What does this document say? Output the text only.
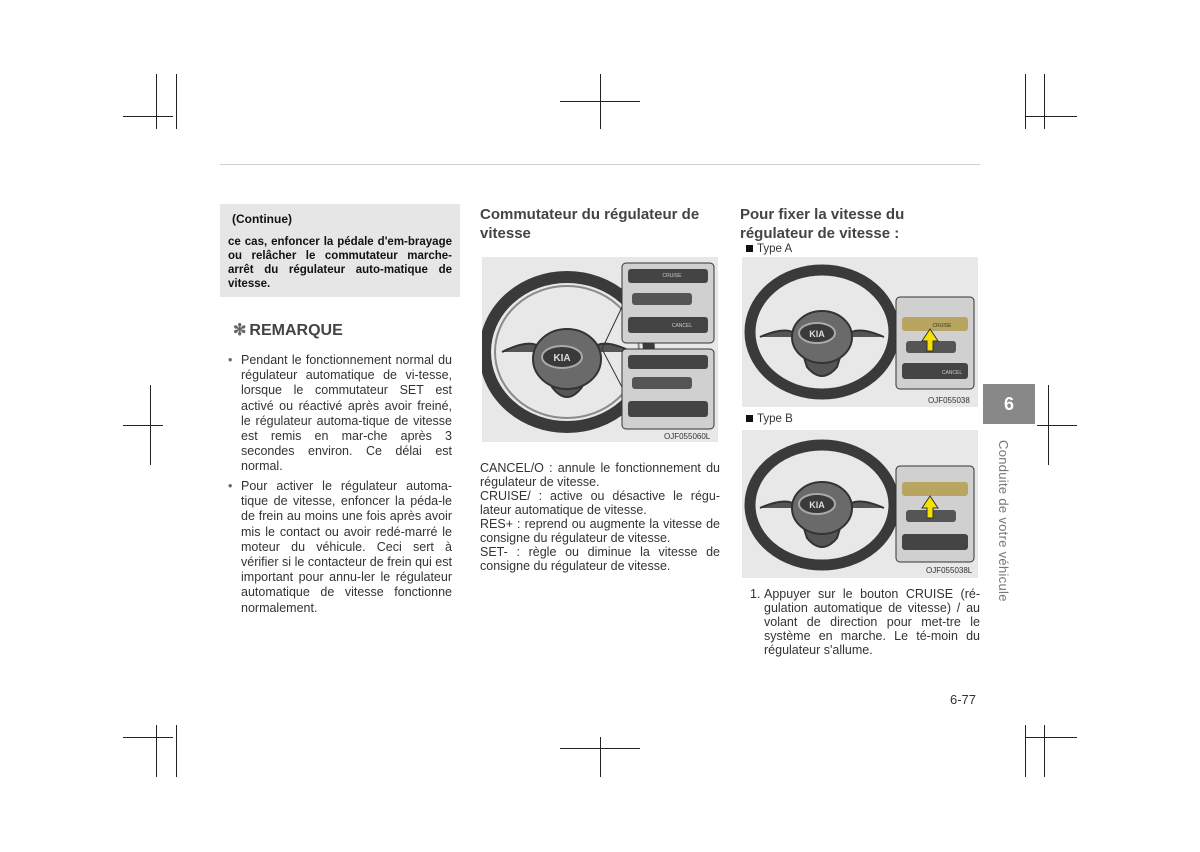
(Continue)
ce cas, enfoncer la pédale d'em-brayage ou relâcher le commutateur marche-arrêt du régulateur auto-matique de vitesse.
✻ REMARQUE
• Pendant le fonctionnement normal du régulateur automatique de vi-tesse, lorsque le commutateur SET est activé ou réactivé après avoir freiné, le régulateur automa-tique de vitesse est remis en mar-che après 3 secondes environ. Ce délai est normal.
• Pour activer le régulateur automa-tique de vitesse, enfoncer la péda-le de frein au moins une fois après avoir mis le contact ou avoir redé-marré le moteur du véhicule. Ceci sert à vérifier si le contacteur de frein qui est important pour annu-ler le régulateur automatique de vitesse fonctionne normalement.
Commutateur du régulateur de vitesse
KIA
CRUISE
CANCEL
OJF055060L

CANCEL/O : annule le fonctionnement du régulateur de vitesse.

CRUISE/ : active ou désactive le régu-lateur automatique de vitesse.

RES+ : reprend ou augmente la vitesse de consigne du régulateur de vitesse.

SET- : règle ou diminue la vitesse de consigne du régulateur de vitesse.

Pour fixer la vitesse du régulateur de vitesse :
Type A
KIA
CRUISE
CANCEL
OJF055038
Type B
KIA
OJF055038L
1. Appuyer sur le bouton CRUISE (ré-gulation automatique de vitesse) / au volant de direction pour met-tre le système en marche. Le té-moin du régulateur s'allume.
6
Conduite de votre véhicule
6-77
